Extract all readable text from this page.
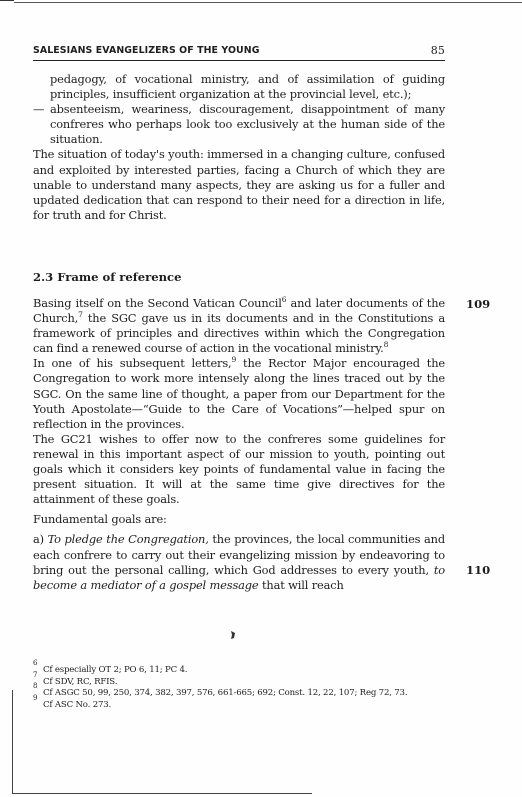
SALESIANS EVANGELIZERS OF THE YOUNG	85
pedagogy, of vocational ministry, and of assimilation of guiding principles, insufficient organization at the provincial level, etc.);
— absenteeism, weariness, discouragement, disappointment of many confreres who perhaps look too exclusively at the human side of the situation.
The situation of today's youth: immersed in a changing culture, confused and exploited by interested parties, facing a Church of which they are unable to understand many aspects, they are asking us for a fuller and updated dedication that can respond to their need for a direction in life, for truth and for Christ.
2.3 Frame of reference
109
110
Basing itself on the Second Vatican Council$^6$ and later documents of the Church,$^7$ the SGC gave us in its documents and in the Constitutions a framework of principles and directives within which the Congregation can find a renewed course of action in the vocational ministry.$^8$
In one of his subsequent letters,$^9$ the Rector Major encouraged the Congregation to work more intensely along the lines traced out by the SGC. On the same line of thought, a paper from our Department for the Youth Apostolate—“Guide to the Care of Vocations”—helped spur on reflection in the provinces.
The GC21 wishes to offer now to the confreres some guidelines for renewal in this important aspect of our mission to youth, pointing out goals which it considers key points of fundamental value in facing the present situation. It will at the same time give directives for the attainment of these goals.
Fundamental goals are:
a) To pledge the Congregation, the provinces, the local communities and each confrere to carry out their evangelizing mission by endeavoring to bring out the personal calling, which God addresses to every youth, to become a mediator of a gospel message that will reach
6
Cf especially OT 2; PO 6, 11; PC 4.
7
Cf SDV, RC, RFIS.
8
Cf ASGC 50, 99, 250, 374, 382, 397, 576, 661-665; 692; Const. 12, 22, 107; Reg 72, 73.
9
Cf ASC No. 273.
